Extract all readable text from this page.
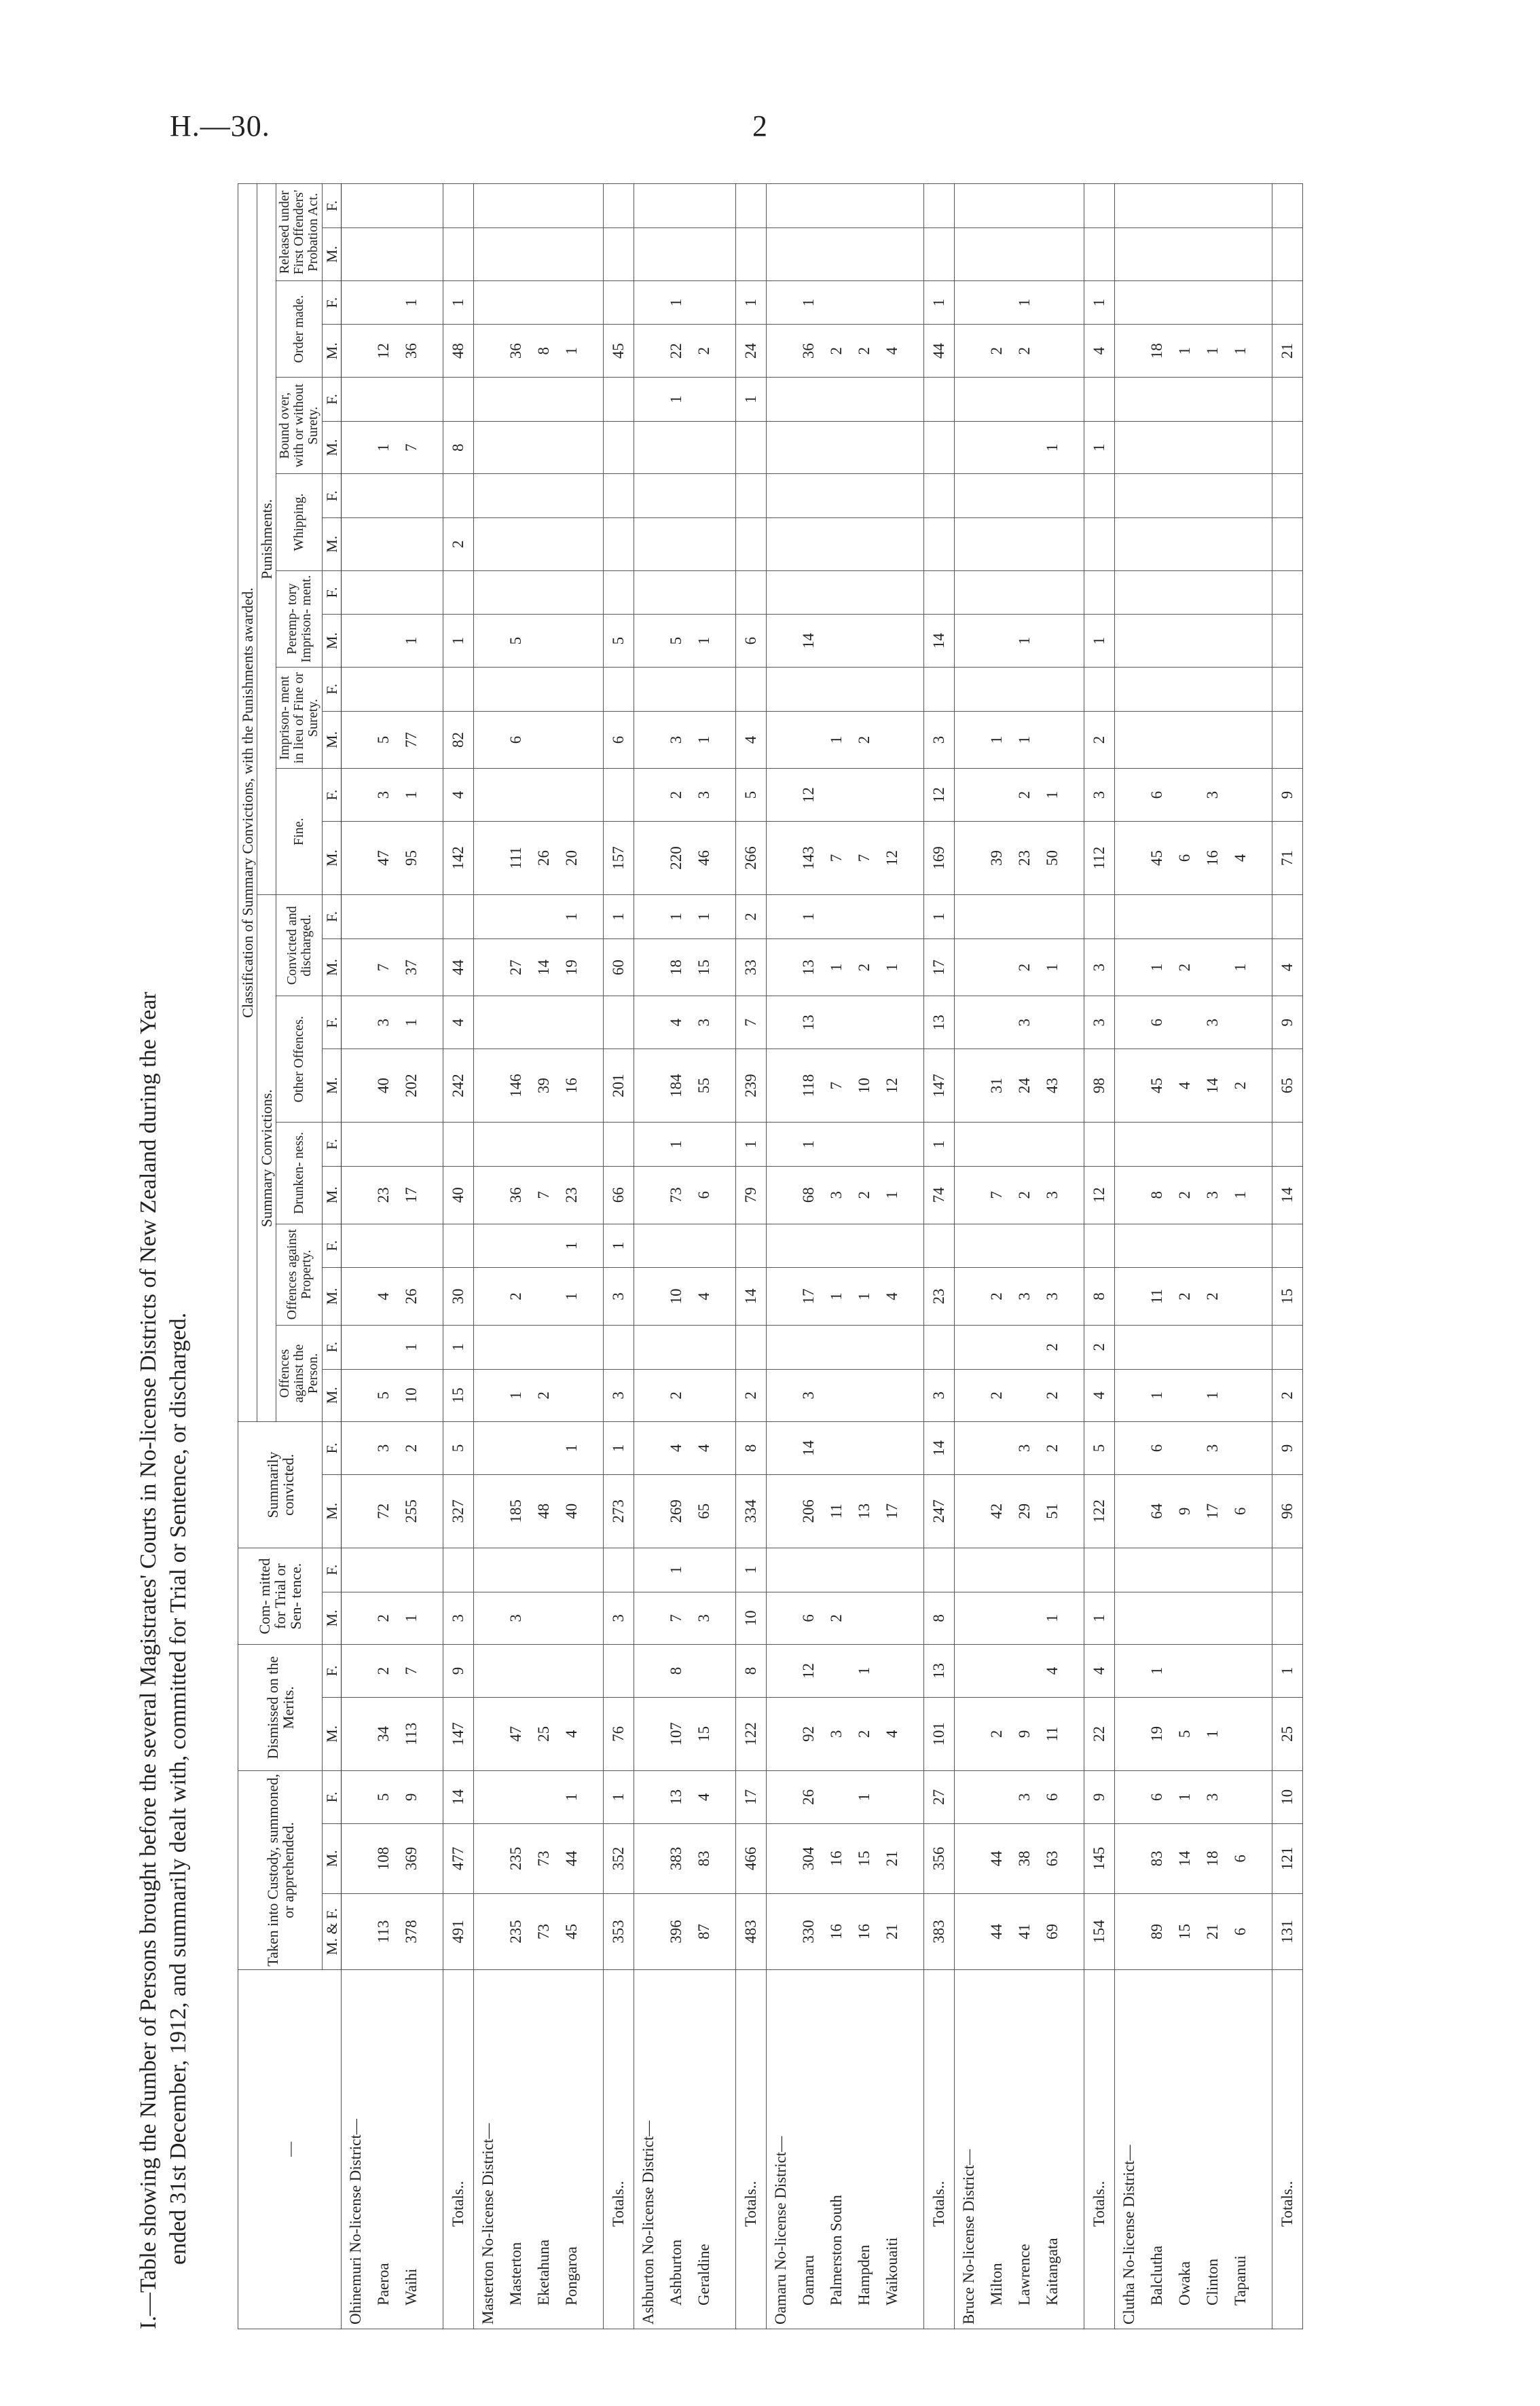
H.—30.	2
I.—Table showing the Number of Persons brought before the several Magistrates' Courts in No-license Districts of New Zealand during the Year ended 31st December, 1912, and summarily dealt with, committed for Trial or Sentence, or discharged.	—	Taken into Custody, summoned, or apprehended.			Dismissed on the Merits.		Com- mitted for Trial or Sen- tence.		Summarily convicted.		Classification of Summary Convictions, with the Punishments awarded.																							
										Summary Convictions.										Punishments.													
										Offences against the Person.		Offences against Property.		Drunken- ness.		Other Offences.		Convicted and discharged.		Fine.		Imprison- ment in lieu of Fine or Surety.		Peremp- tory Imprison- ment.		Whipping.		Bound over, with or without Surety.		Order made.		Released under First Offenders' Probation Act.	
	M. & F.	M.	F.	M.	F.	M.	F.	M.	F.	M.	F.	M.	F.	M.	F.	M.	F.	M.	F.	M.	F.	M.	F.	M.	F.	M.	F.	M.	F.	M.	F.	M.	F.
Ohinemuri No-license District—																																	
Paeroa	113	108	5	34	2	2		72	3	5		4		23		40	3	7		47	3	5						1		12			
Waihi	378	369	9	113	7	1		255	2	10	1	26		17		202	1	37		95	1	77		1				7		36	1		

Totals..	491	477	14	147	9	3		327	5	15	1	30		40		242	4	44		142	4	82		1		2		8		48	1		
Masterton No-license District—																																	
Masterton	235	235		47		3		185		1		2		36		146		27		111		6		5						36			
Eketahuna	73	73		25				48		2				7		39		14		26										8			
Pongaroa	45	44	1	4				40	1			1	1	23		16		19	1	20										1			

Totals..	353	352	1	76		3		273	1	3		3	1	66		201		60	1	157		6		5						45			
Ashburton No-license District—																																	
Ashburton	396	383	13	107	8	7	1	269	4	2		10		73	1	184	4	18	1	220	2	3		5					1	22	1		
Geraldine	87	83	4	15		3		65	4			4		6		55	3	15	1	46	3	1		1						2			

Totals..	483	466	17	122	8	10	1	334	8	2		14		79	1	239	7	33	2	266	5	4		6					1	24	1		
Oamaru No-license District—																																	
Oamaru	330	304	26	92	12	6		206	14	3		17		68	1	118	13	13	1	143	12			14						36	1		
Palmerston South	16	16		3		2		11				1		3		7		1		7		1								2			
Hampden	16	15	1	2	1			13				1		2		10		2		7		2								2			
Waikouaiti	21	21		4				17				4		1		12		1		12										4			

Totals..	383	356	27	101	13	8		247	14	3		23		74	1	147	13	17	1	169	12	3		14						44	1		
Bruce No-license District—																																	
Milton	44	44		2				42		2		2		7		31				39		1								2			
Lawrence	41	38	3	9				29	3			3		2		24	3	2		23	2	1		1						2	1		
Kaitangata	69	63	6	11	4	1		51	2	2	2	3		3		43		1		50	1							1					

Totals..	154	145	9	22	4	1		122	5	4	2	8		12		98	3	3		112	3	2		1				1		4	1		
Clutha No-license District—																																	
Balclutha	89	83	6	19	1			64	6	1		11		8		45	6	1		45	6									18			
Owaka	15	14	1	5				9				2		2		4		2		6										1			
Clinton	21	18	3	1				17	3	1		2		3		14	3			16	3									1			
Tapanui	6	6						6						1		2		1		4										1			

Totals..	131	121	10	25	1			96	9	2		15		14		65	9	4		71	9									21			
